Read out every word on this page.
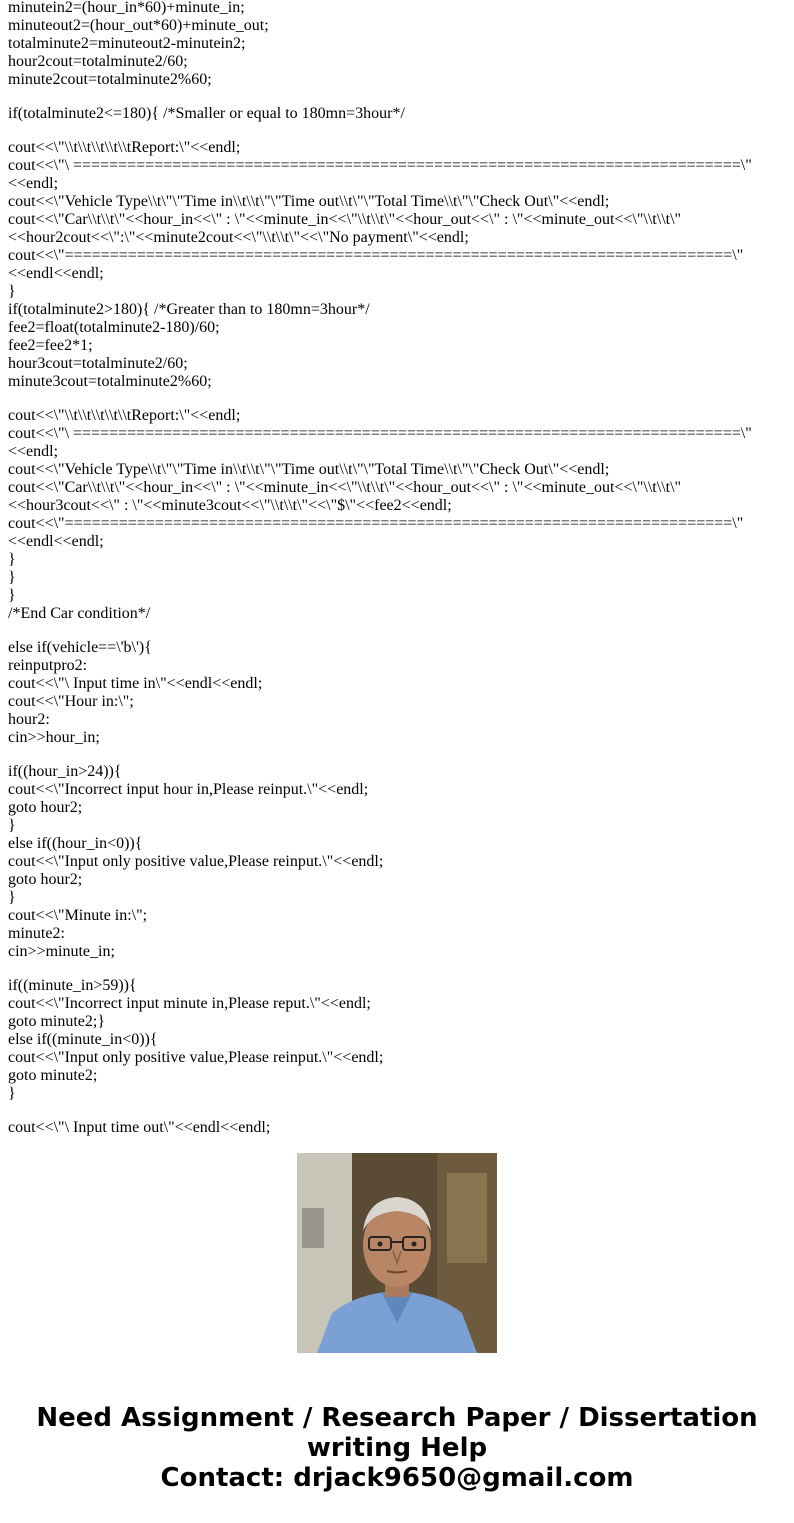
minutein2=(hour_in*60)+minute_in;
minuteout2=(hour_out*60)+minute_out;
totalminute2=minuteout2-minutein2;
hour2cout=totalminute2/60;
minute2cout=totalminute2%60;
if(totalminute2<=180){ /*Smaller or equal to 180mn=3hour*/
cout<<\"\\t\\t\\t\\t\\tReport:\"<<endl;
cout<<\"\ ==========================================================================\" <<endl;
cout<<\"Vehicle Type\\t\"\"Time in\\t\\t\"\"Time out\\t\"\"Total Time\\t\"\"Check Out\"<<endl;
cout<<\"Car\\t\\t\"<<hour_in<<\" : \"<<minute_in<<\"\\t\\t\"<<hour_out<<\" : \"<<minute_out<<\"\\t\\t\" <<hour2cout<<\":\"<<minute2cout<<\"\\t\\t\"<<\"No payment\"<<endl;
cout<<\"==========================================================================\" <<endl<<endl;
}
if(totalminute2>180){ /*Greater than to 180mn=3hour*/
fee2=float(totalminute2-180)/60;
fee2=fee2*1;
hour3cout=totalminute2/60;
minute3cout=totalminute2%60;
cout<<\"\\t\\t\\t\\t\\tReport:\"<<endl;
cout<<\"\ ==========================================================================\" <<endl;
cout<<\"Vehicle Type\\t\"\"Time in\\t\\t\"\"Time out\\t\"\"Total Time\\t\"\"Check Out\"<<endl;
cout<<\"Car\\t\\t\"<<hour_in<<\" : \"<<minute_in<<\"\\t\\t\"<<hour_out<<\" : \"<<minute_out<<\"\\t\\t\" <<hour3cout<<\" : \"<<minute3cout<<\"\\t\\t\"<<\"$\"<<fee2<<endl;
cout<<\"==========================================================================\" <<endl<<endl;
}
}
}
/*End Car condition*/
else if(vehicle==\'b\'){
reinputpro2:
cout<<\"\ Input time in\"<<endl<<endl;
cout<<\"Hour in:\";
hour2:
cin>>hour_in;
if((hour_in>24)){
cout<<\"Incorrect input hour in,Please reinput.\"<<endl;
goto hour2;
}
else if((hour_in<0)){
cout<<\"Input only positive value,Please reinput.\"<<endl;
goto hour2;
}
cout<<\"Minute in:\";
minute2:
cin>>minute_in;
if((minute_in>59)){
cout<<\"Incorrect input minute in,Please reput.\"<<endl;
goto minute2;}
else if((minute_in<0)){
cout<<\"Input only positive value,Please reinput.\"<<endl;
goto minute2;
}
cout<<\"\ Input time out\"<<endl<<endl;
Need Assignment / Research Paper / Dissertation writing Help
Contact: drjack9650@gmail.com
